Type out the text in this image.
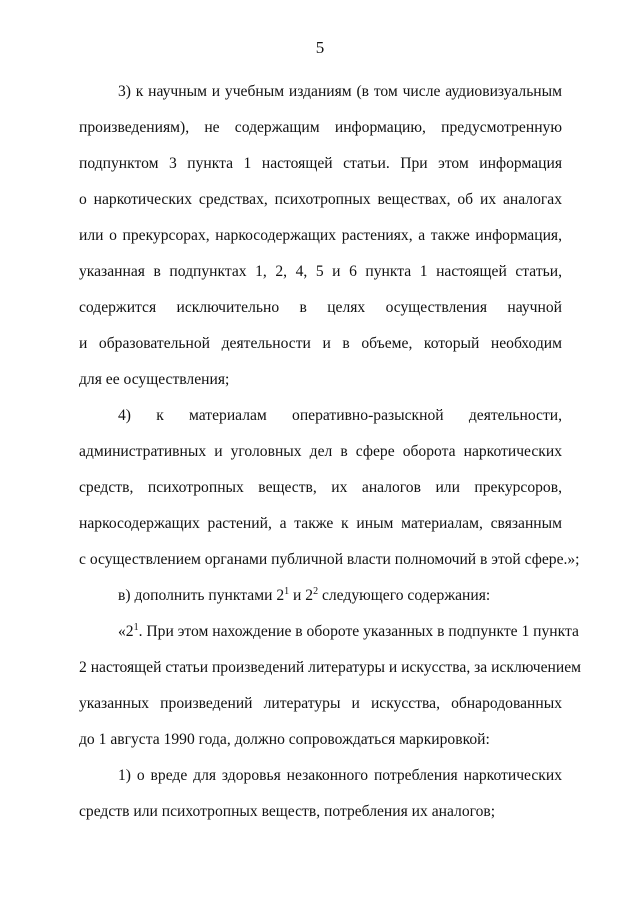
5
3) к научным и учебным изданиям (в том числе аудиовизуальным
произведениям), не содержащим информацию, предусмотренную
подпунктом 3 пункта 1 настоящей статьи. При этом информация
о наркотических средствах, психотропных веществах, об их аналогах
или о прекурсорах, наркосодержащих растениях, а также информация,
указанная в подпунктах 1, 2, 4, 5 и 6 пункта 1 настоящей статьи,
содержится исключительно в целях осуществления научной
и образовательной деятельности и в объеме, который необходим
для ее осуществления;
4) к материалам оперативно-разыскной деятельности,
административных и уголовных дел в сфере оборота наркотических
средств, психотропных веществ, их аналогов или прекурсоров,
наркосодержащих растений, а также к иным материалам, связанным
с осуществлением органами публичной власти полномочий в этой сфере.»;
в) дополнить пунктами $2^1$ и $2^2$ следующего содержания:
«$2^1$. При этом нахождение в обороте указанных в подпункте 1 пункта
2 настоящей статьи произведений литературы и искусства, за исключением
указанных произведений литературы и искусства, обнародованных
до 1 августа 1990 года, должно сопровождаться маркировкой:
1) о вреде для здоровья незаконного потребления наркотических
средств или психотропных веществ, потребления их аналогов;
